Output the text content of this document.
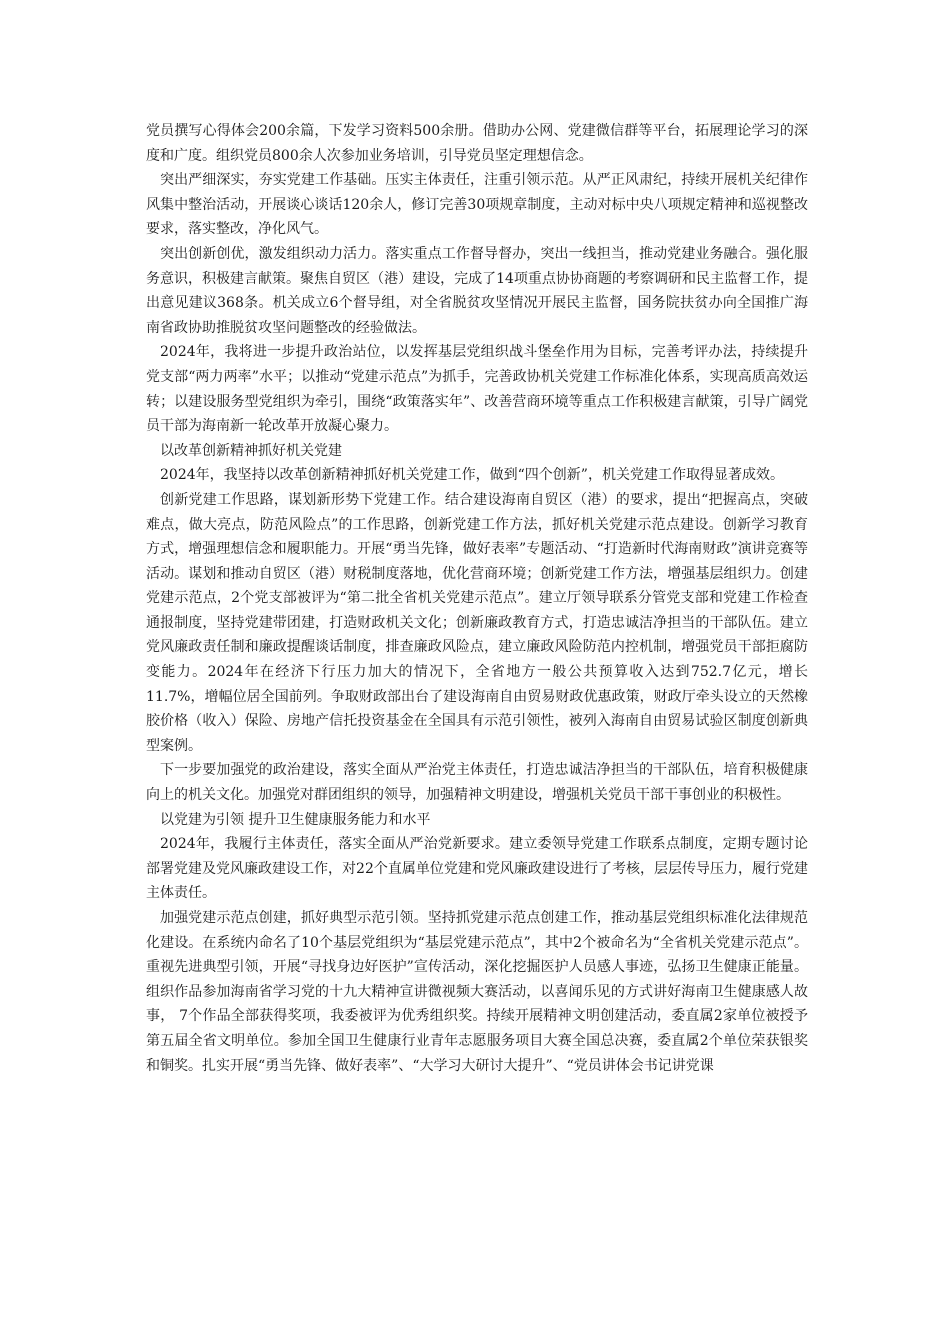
党员撰写心得体会200余篇，下发学习资料500余册。借助办公网、党建微信群等平台，拓展理论学习的深度和广度。组织党员800余人次参加业务培训，引导党员坚定理想信念。

突出严细深实，夯实党建工作基础。压实主体责任，注重引领示范。从严正风肃纪，持续开展机关纪律作风集中整治活动，开展谈心谈话120余人，修订完善30项规章制度，主动对标中央八项规定精神和巡视整改要求，落实整改，净化风气。

突出创新创优，激发组织动力活力。落实重点工作督导督办，突出一线担当，推动党建业务融合。强化服务意识，积极建言献策。聚焦自贸区（港）建设，完成了14项重点协协商题的考察调研和民主监督工作，提出意见建议368条。机关成立6个督导组，对全省脱贫攻坚情况开展民主监督，国务院扶贫办向全国推广海南省政协助推脱贫攻坚问题整改的经验做法。

2024年，我将进一步提升政治站位，以发挥基层党组织战斗堡垒作用为目标，完善考评办法，持续提升党支部“两力两率”水平；以推动“党建示范点”为抓手，完善政协机关党建工作标准化体系，实现高质高效运转；以建设服务型党组织为牵引，围绕“政策落实年”、改善营商环境等重点工作积极建言献策，引导广阔党员干部为海南新一轮改革开放凝心聚力。

以改革创新精神抓好机关党建

2024年，我坚持以改革创新精神抓好机关党建工作，做到“四个创新”，机关党建工作取得显著成效。

创新党建工作思路，谋划新形势下党建工作。结合建设海南自贸区（港）的要求，提出“把握高点，突破难点，做大亮点，防范风险点”的工作思路，创新党建工作方法，抓好机关党建示范点建设。创新学习教育方式，增强理想信念和履职能力。开展“勇当先锋，做好表率”专题活动、“打造新时代海南财政”演讲竞赛等活动。谋划和推动自贸区（港）财税制度落地，优化营商环境；创新党建工作方法，增强基层组织力。创建党建示范点，2个党支部被评为“第二批全省机关党建示范点”。建立厅领导联系分管党支部和党建工作检查通报制度，坚持党建带团建，打造财政机关文化；创新廉政教育方式，打造忠诚洁净担当的干部队伍。建立党风廉政责任制和廉政提醒谈话制度，排查廉政风险点，建立廉政风险防范内控机制，增强党员干部拒腐防变能力。2024年在经济下行压力加大的情况下，全省地方一般公共预算收入达到752.7亿元，增长11.7%，增幅位居全国前列。争取财政部出台了建设海南自由贸易财政优惠政策，财政厅牵头设立的天然橡胶价格（收入）保险、房地产信托投资基金在全国具有示范引领性，被列入海南自由贸易试验区制度创新典型案例。

下一步要加强党的政治建设，落实全面从严治党主体责任，打造忠诚洁净担当的干部队伍，培育积极健康向上的机关文化。加强党对群团组织的领导，加强精神文明建设，增强机关党员干部干事创业的积极性。

以党建为引领 提升卫生健康服务能力和水平

2024年，我履行主体责任，落实全面从严治党新要求。建立委领导党建工作联系点制度，定期专题讨论部署党建及党风廉政建设工作，对22个直属单位党建和党风廉政建设进行了考核，层层传导压力，履行党建主体责任。

加强党建示范点创建，抓好典型示范引领。坚持抓党建示范点创建工作，推动基层党组织标准化法律规范化建设。在系统内命名了10个基层党组织为“基层党建示范点”，其中2个被命名为“全省机关党建示范点”。重视先进典型引领，开展“寻找身边好医护”宣传活动，深化挖掘医护人员感人事迹，弘扬卫生健康正能量。组织作品参加海南省学习党的十九大精神宣讲微视频大赛活动，以喜闻乐见的方式讲好海南卫生健康感人故事， 7个作品全部获得奖项，我委被评为优秀组织奖。持续开展精神文明创建活动，委直属2家单位被授予第五届全省文明单位。参加全国卫生健康行业青年志愿服务项目大赛全国总决赛，委直属2个单位荣获银奖和铜奖。扎实开展“勇当先锋、做好表率”、“大学习大研讨大提升”、“党员讲体会书记讲党课
